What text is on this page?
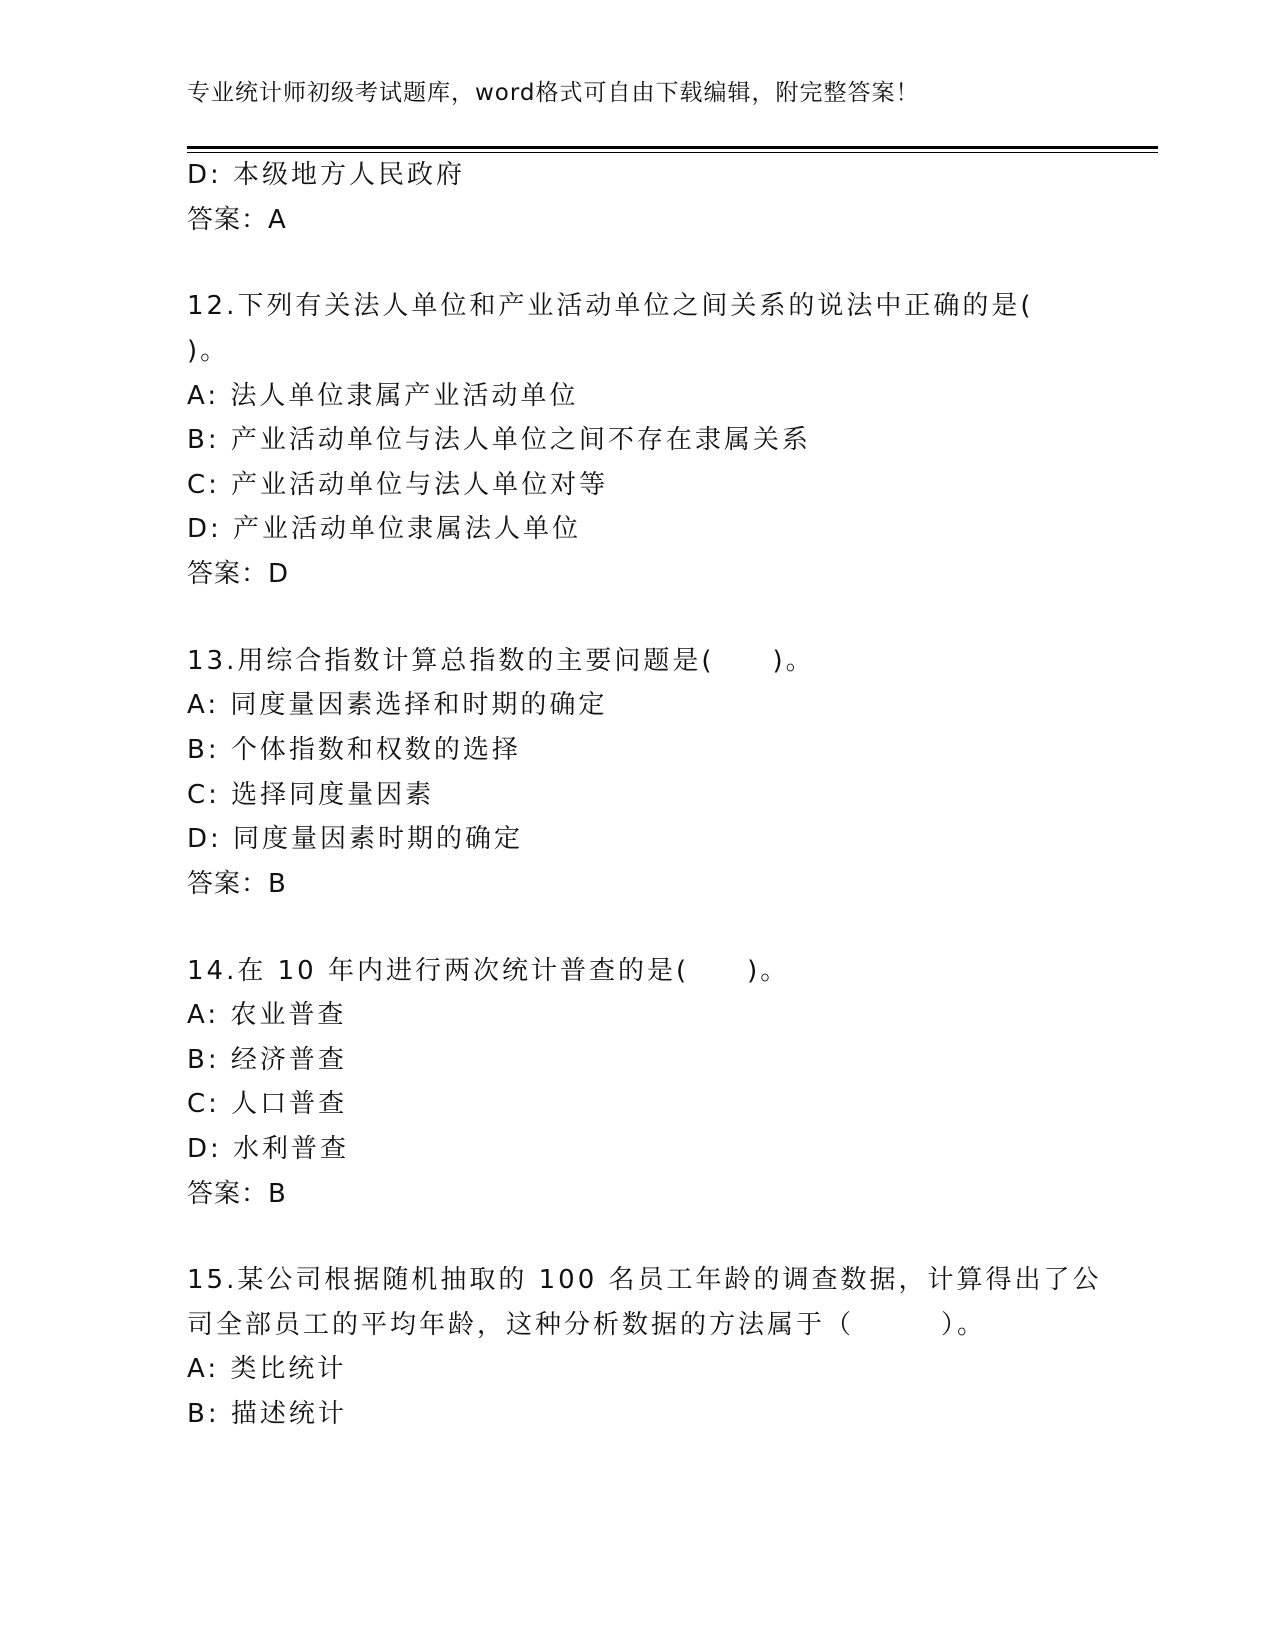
专业统计师初级考试题库，word格式可自由下载编辑，附完整答案！
D: 本级地方人民政府
答案：A
12.下列有关法人单位和产业活动单位之间关系的说法中正确的是(
)。
A: 法人单位隶属产业活动单位
B: 产业活动单位与法人单位之间不存在隶属关系
C: 产业活动单位与法人单位对等
D: 产业活动单位隶属法人单位
答案：D
13.用综合指数计算总指数的主要问题是(　　)。
A: 同度量因素选择和时期的确定
B: 个体指数和权数的选择
C: 选择同度量因素
D: 同度量因素时期的确定
答案：B
14.在 10 年内进行两次统计普查的是(　　)。
A: 农业普查
B: 经济普查
C: 人口普查
D: 水利普查
答案：B
15.某公司根据随机抽取的 100 名员工年龄的调查数据，计算得出了公
司全部员工的平均年龄，这种分析数据的方法属于（　　　）。
A: 类比统计
B: 描述统计
